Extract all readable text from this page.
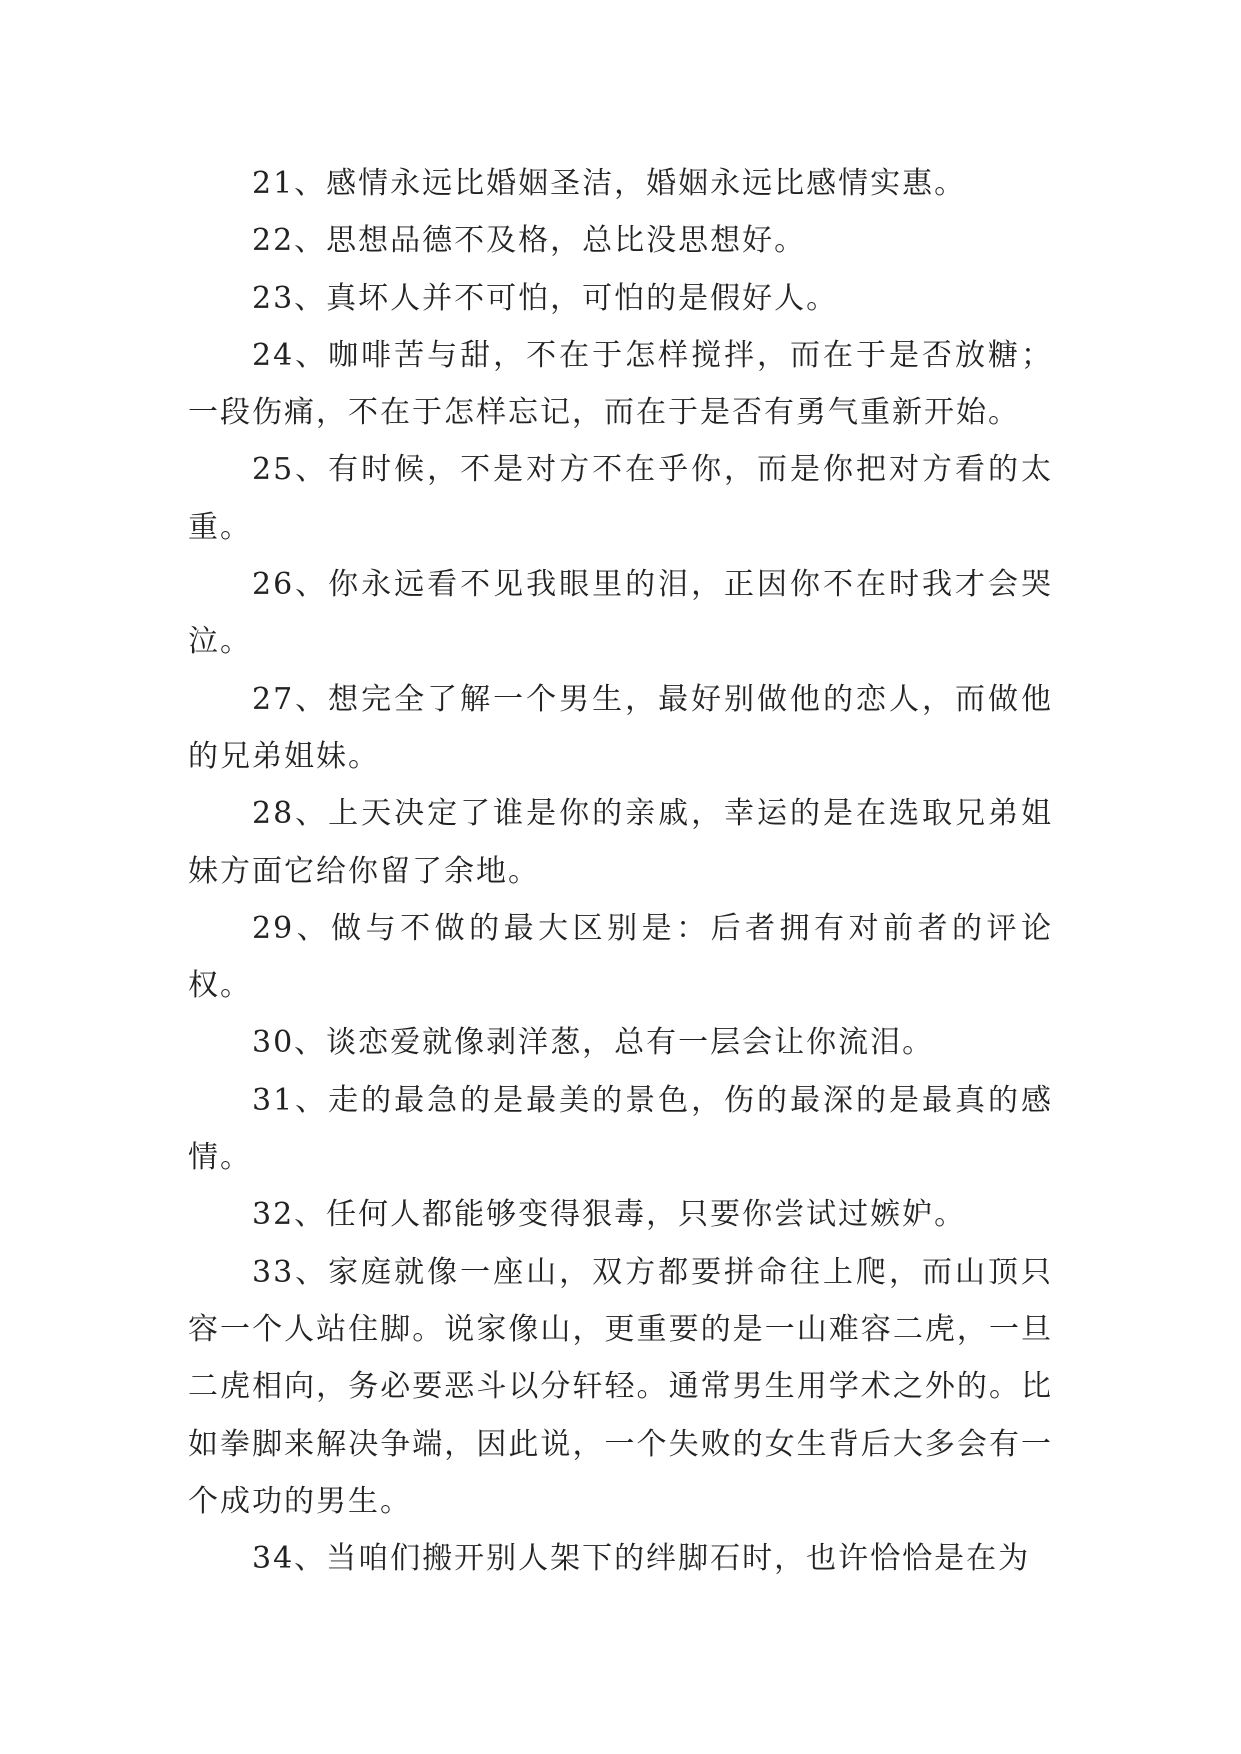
21、感情永远比婚姻圣洁，婚姻永远比感情实惠。

22、思想品德不及格，总比没思想好。

23、真坏人并不可怕，可怕的是假好人。

24、咖啡苦与甜，不在于怎样搅拌，而在于是否放糖；一段伤痛，不在于怎样忘记，而在于是否有勇气重新开始。

25、有时候，不是对方不在乎你，而是你把对方看的太重。

26、你永远看不见我眼里的泪，正因你不在时我才会哭泣。

27、想完全了解一个男生，最好别做他的恋人，而做他的兄弟姐妹。

28、上天决定了谁是你的亲戚，幸运的是在选取兄弟姐妹方面它给你留了余地。

29、做与不做的最大区别是：后者拥有对前者的评论权。

30、谈恋爱就像剥洋葱，总有一层会让你流泪。

31、走的最急的是最美的景色，伤的最深的是最真的感情。

32、任何人都能够变得狠毒，只要你尝试过嫉妒。

33、家庭就像一座山，双方都要拼命往上爬，而山顶只容一个人站住脚。说家像山，更重要的是一山难容二虎，一旦二虎相向，务必要恶斗以分轩轻。通常男生用学术之外的。比如拳脚来解决争端，因此说，一个失败的女生背后大多会有一个成功的男生。

34、当咱们搬开别人架下的绊脚石时，也许恰恰是在为
